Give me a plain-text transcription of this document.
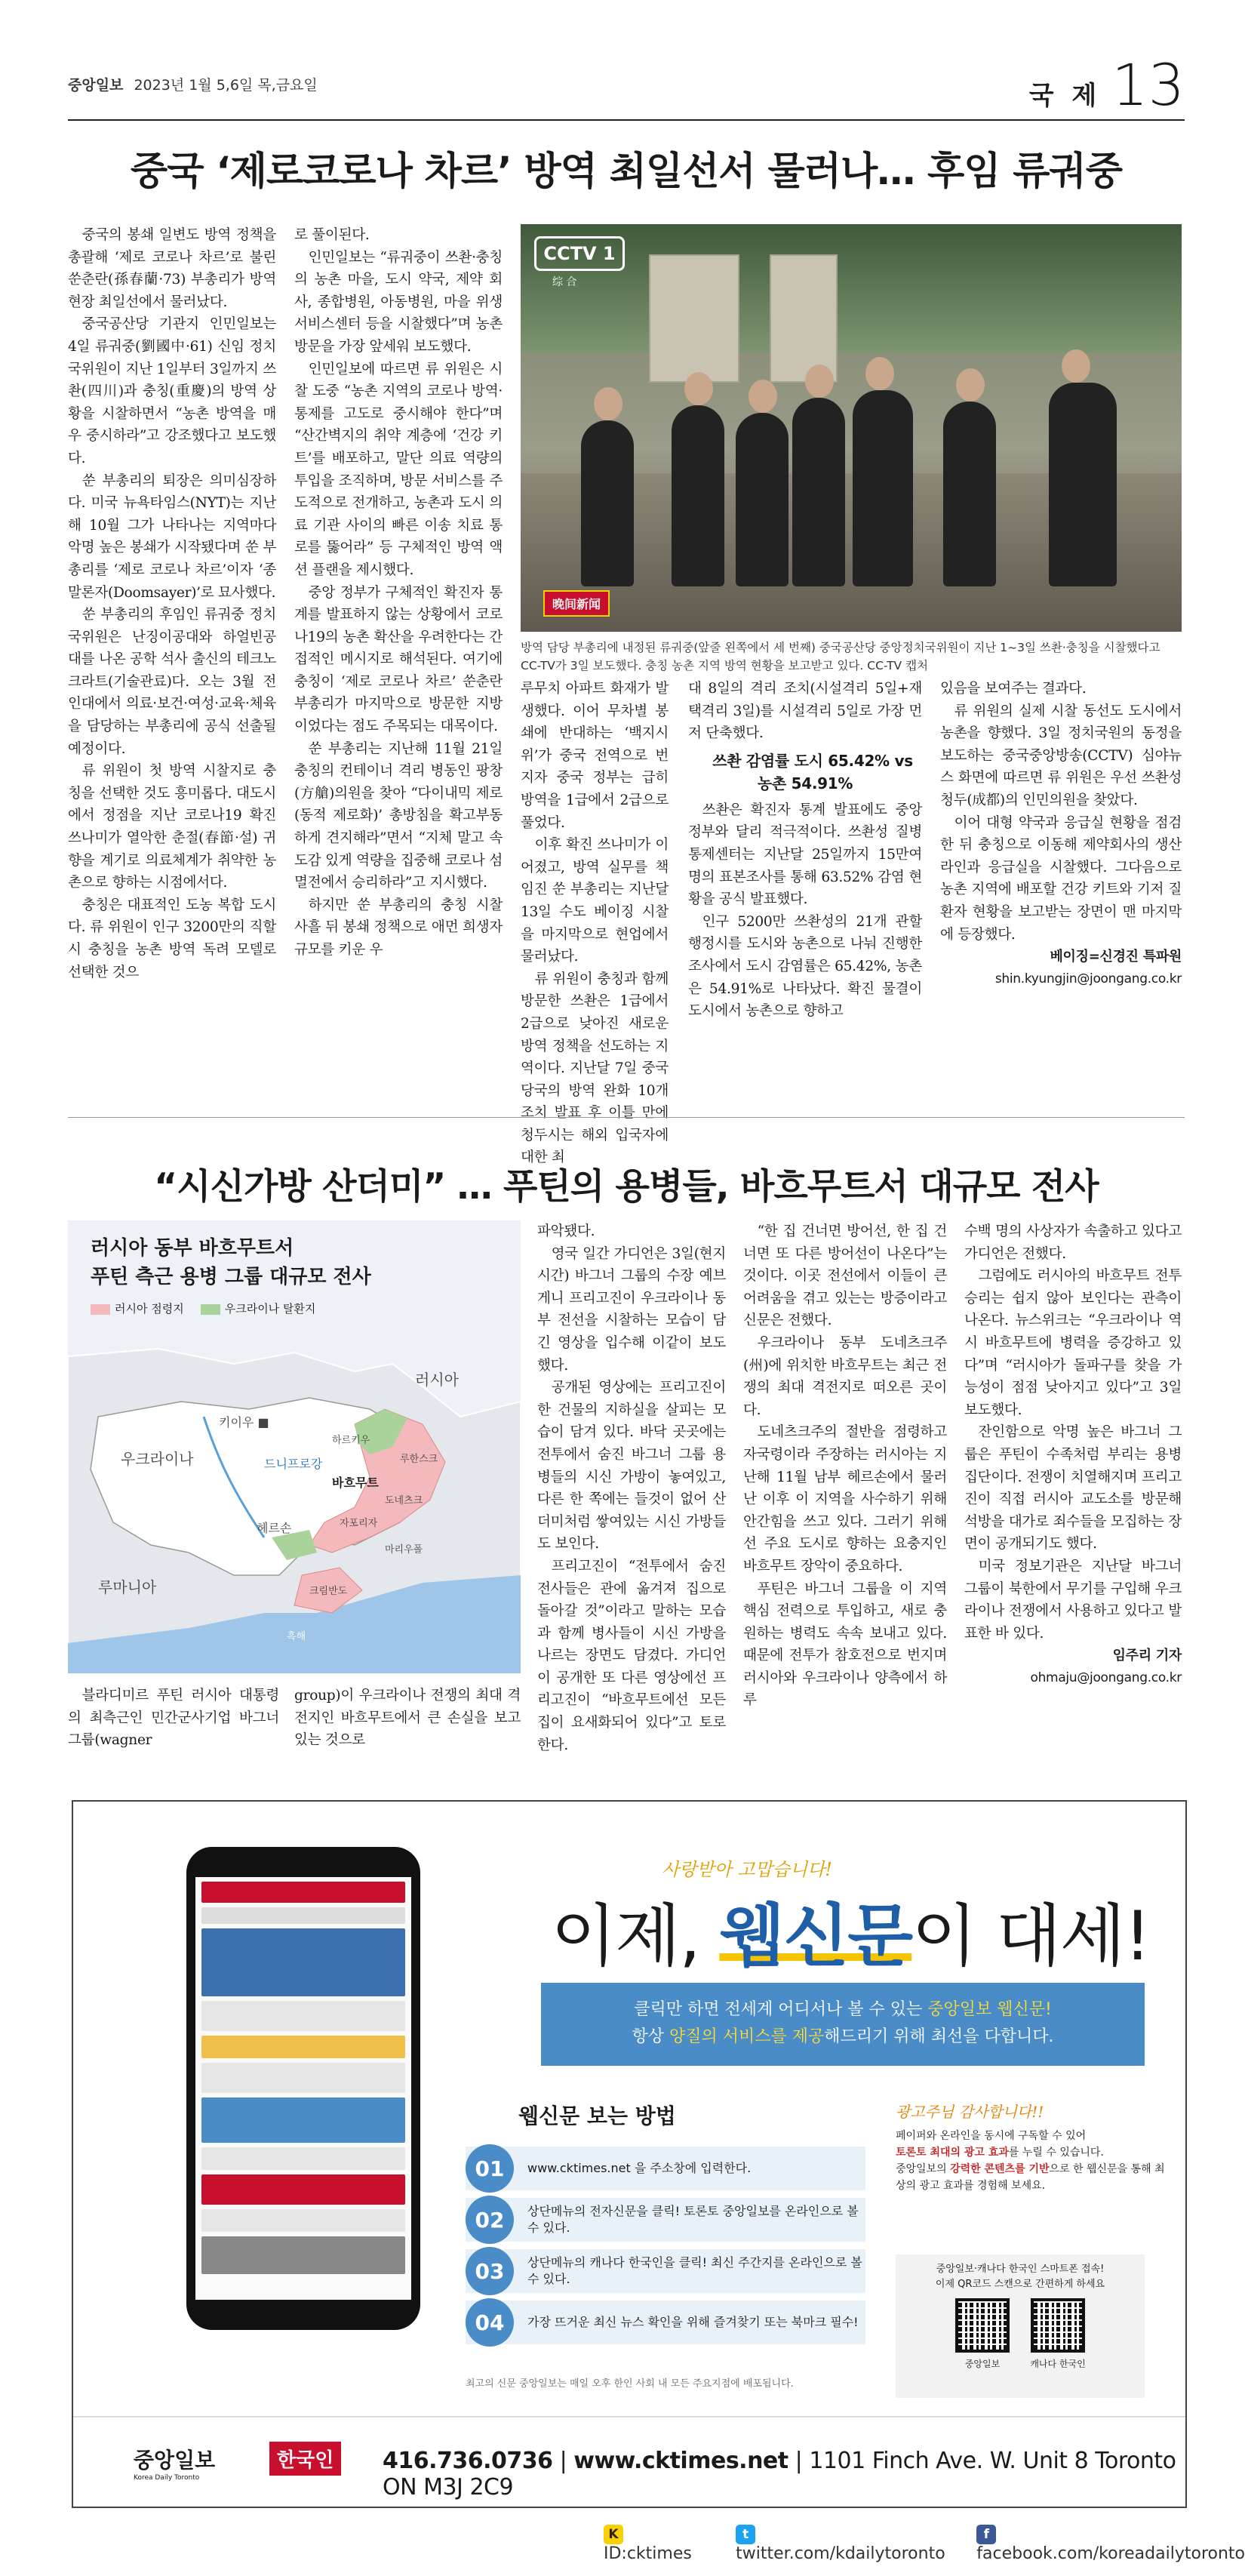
중앙일보 2023년 1월 5,6일 목,금요일	국 제 13
중국 ‘제로코로나 차르’ 방역 최일선서 물러나… 후임 류궈중

중국의 봉쇄 일변도 방역 정책을 총괄해 ‘제로 코로나 차르’로 불린 쑨춘란(孫春蘭·73) 부총리가 방역 현장 최일선에서 물러났다.

중국공산당 기관지 인민일보는 4일 류궈중(劉國中·61) 신임 정치국위원이 지난 1일부터 3일까지 쓰촨(四川)과 충칭(重慶)의 방역 상황을 시찰하면서 “농촌 방역을 매우 중시하라”고 강조했다고 보도했다.

쑨 부총리의 퇴장은 의미심장하다. 미국 뉴욕타임스(NYT)는 지난해 10월 그가 나타나는 지역마다 악명 높은 봉쇄가 시작됐다며 쑨 부총리를 ‘제로 코로나 차르’이자 ‘종말론자(Doomsayer)’로 묘사했다.

쑨 부총리의 후임인 류궈중 정치국위원은 난징이공대와 하얼빈공대를 나온 공학 석사 출신의 테크노크라트(기술관료)다. 오는 3월 전인대에서 의료·보건·여성·교육·체육을 담당하는 부총리에 공식 선출될 예정이다.

류 위원이 첫 방역 시찰지로 충칭을 선택한 것도 흥미롭다. 대도시에서 정점을 지난 코로나19 확진 쓰나미가 열악한 춘절(春節·설) 귀향을 계기로 의료체계가 취약한 농촌으로 향하는 시점에서다.

충칭은 대표적인 도농 복합 도시다. 류 위원이 인구 3200만의 직할시 충칭을 농촌 방역 독려 모델로 선택한 것으

로 풀이된다.

인민일보는 “류궈중이 쓰촨·충칭의 농촌 마을, 도시 약국, 제약 회사, 종합병원, 아동병원, 마을 위생서비스센터 등을 시찰했다”며 농촌 방문을 가장 앞세워 보도했다.

인민일보에 따르면 류 위원은 시찰 도중 “농촌 지역의 코로나 방역·통제를 고도로 중시해야 한다”며 “산간벽지의 취약 계층에 ‘건강 키트’를 배포하고, 말단 의료 역량의 투입을 조직하며, 방문 서비스를 주도적으로 전개하고, 농촌과 도시 의료 기관 사이의 빠른 이송 치료 통로를 뚫어라” 등 구체적인 방역 액션 플랜을 제시했다.

중앙 정부가 구체적인 확진자 통계를 발표하지 않는 상황에서 코로나19의 농촌 확산을 우려한다는 간접적인 메시지로 해석된다. 여기에 충칭이 ‘제로 코로나 차르’ 쑨춘란 부총리가 마지막으로 방문한 지방이었다는 점도 주목되는 대목이다.

쑨 부총리는 지난해 11월 21일 충칭의 컨테이너 격리 병동인 팡창(方艙)의원을 찾아 “다이내믹 제로(동적 제로화)’ 총방침을 확고부동하게 견지해라”면서 “지체 말고 속도감 있게 역량을 집중해 코로나 섬멸전에서 승리하라”고 지시했다.

하지만 쑨 부총리의 충칭 시찰 사흘 뒤 봉쇄 정책으로 애먼 희생자 규모를 키운 우

CCTV 1
综 合
晚间新闻
방역 담당 부총리에 내정된 류궈중(앞줄 왼쪽에서 세 번째) 중국공산당 중앙정치국위원이 지난 1~3일 쓰촨·충칭을 시찰했다고 CC-TV가 3일 보도했다. 충칭 농촌 지역 방역 현황을 보고받고 있다. CC-TV 캡처

루무치 아파트 화재가 발생했다. 이어 무차별 봉쇄에 반대하는 ‘백지시위’가 중국 전역으로 번지자 중국 정부는 급히 방역을 1급에서 2급으로 풀었다.

이후 확진 쓰나미가 이어졌고, 방역 실무를 책임진 쑨 부총리는 지난달 13일 수도 베이징 시찰을 마지막으로 현업에서 물러났다.

류 위원이 충칭과 함께 방문한 쓰촨은 1급에서 2급으로 낮아진 새로운 방역 정책을 선도하는 지역이다. 지난달 7일 중국 당국의 방역 완화 10개 조치 발표 후 이틀 만에 청두시는 해외 입국자에 대한 최

대 8일의 격리 조치(시설격리 5일+재택격리 3일)를 시설격리 5일로 가장 먼저 단축했다.

쓰촨 감염률 도시 65.42% vs 농촌 54.91%

쓰촨은 확진자 통계 발표에도 중앙 정부와 달리 적극적이다. 쓰촨성 질병통제센터는 지난달 25일까지 15만여명의 표본조사를 통해 63.52% 감염 현황을 공식 발표했다.

인구 5200만 쓰촨성의 21개 관할 행정시를 도시와 농촌으로 나눠 진행한 조사에서 도시 감염률은 65.42%, 농촌은 54.91%로 나타났다. 확진 물결이 도시에서 농촌으로 향하고

있음을 보여주는 결과다.

류 위원의 실제 시찰 동선도 도시에서 농촌을 향했다. 3일 정치국원의 동정을 보도하는 중국중앙방송(CCTV) 심야뉴스 화면에 따르면 류 위원은 우선 쓰촨성 청두(成都)의 인민의원을 찾았다.

이어 대형 약국과 응급실 현황을 점검한 뒤 충칭으로 이동해 제약회사의 생산 라인과 응급실을 시찰했다. 그다음으로 농촌 지역에 배포할 건강 키트와 기저 질환자 현황을 보고받는 장면이 맨 마지막에 등장했다.

베이징=신경진 특파원

shin.kyungjin@joongang.co.kr

“시신가방 산더미” … 푸틴의 용병들, 바흐무트서 대규모 전사
러시아 동부 바흐무트서
푸틴 측근 용병 그룹 대규모 전사
러시아 점령지	우크라이나 탈환지
러시아
우크라이나
키이우 ■
드니프로강
하르키우
루한스크
바흐무트
도네츠크
자포리자
헤르손
마리우폴
루마니아
흑해
크림반도

블라디미르 푸틴 러시아 대통령의 최측근인 민간군사기업 바그너 그룹(wagner

group)이 우크라이나 전쟁의 최대 격전지인 바흐무트에서 큰 손실을 보고 있는 것으로

파악됐다.

영국 일간 가디언은 3일(현지시간) 바그너 그룹의 수장 예브게니 프리고진이 우크라이나 동부 전선을 시찰하는 모습이 담긴 영상을 입수해 이같이 보도했다.

공개된 영상에는 프리고진이 한 건물의 지하실을 살피는 모습이 담겨 있다. 바닥 곳곳에는 전투에서 숨진 바그너 그룹 용병들의 시신 가방이 놓여있고, 다른 한 쪽에는 들것이 없어 산더미처럼 쌓여있는 시신 가방들도 보인다.

프리고진이 “전투에서 숨진 전사들은 관에 옮겨져 집으로 돌아갈 것”이라고 말하는 모습과 함께 병사들이 시신 가방을 나르는 장면도 담겼다. 가디언이 공개한 또 다른 영상에선 프리고진이 “바흐무트에선 모든 집이 요새화되어 있다”고 토로한다.

“한 집 건너면 방어선, 한 집 건너면 또 다른 방어선이 나온다”는 것이다. 이곳 전선에서 이들이 큰 어려움을 겪고 있는는 방증이라고 신문은 전했다.

우크라이나 동부 도네츠크주(州)에 위치한 바흐무트는 최근 전쟁의 최대 격전지로 떠오른 곳이다.

도네츠크주의 절반을 점령하고 자국령이라 주장하는 러시아는 지난해 11월 남부 헤르손에서 물러난 이후 이 지역을 사수하기 위해 안간힘을 쓰고 있다. 그러기 위해선 주요 도시로 향하는 요충지인 바흐무트 장악이 중요하다.

푸틴은 바그너 그룹을 이 지역 핵심 전력으로 투입하고, 새로 충원하는 병력도 속속 보내고 있다. 때문에 전투가 참호전으로 번지며 러시아와 우크라이나 양측에서 하루

수백 명의 사상자가 속출하고 있다고 가디언은 전했다.

그럼에도 러시아의 바흐무트 전투 승리는 쉽지 않아 보인다는 관측이 나온다. 뉴스위크는 “우크라이나 역시 바흐무트에 병력을 증강하고 있다”며 “러시아가 돌파구를 찾을 가능성이 점점 낮아지고 있다”고 3일 보도했다.

잔인함으로 악명 높은 바그너 그룹은 푸틴이 수족처럼 부리는 용병 집단이다. 전쟁이 치열해지며 프리고진이 직접 러시아 교도소를 방문해 석방을 대가로 죄수들을 모집하는 장면이 공개되기도 했다.

미국 정보기관은 지난달 바그너 그룹이 북한에서 무기를 구입해 우크라이나 전쟁에서 사용하고 있다고 발표한 바 있다.

임주리 기자

ohmaju@joongang.co.kr

사랑받아 고맙습니다!
이제, 웹신문이 대세!
클릭만 하면 전세계 어디서나 볼 수 있는 중앙일보 웹신문!
항상 양질의 서비스를 제공해드리기 위해 최선을 다합니다.
웹신문 보는 방법
01	www.cktimes.net 을 주소창에 입력한다.
02	상단메뉴의 전자신문을 클릭! 토론토 중앙일보를 온라인으로 볼수 있다.
03	상단메뉴의 캐나다 한국인을 클릭! 최신 주간지를 온라인으로 볼수 있다.
04	가장 뜨거운 최신 뉴스 확인을 위해 즐겨찾기 또는 북마크 필수!
광고주님 감사합니다!!

페이퍼와 온라인을 동시에 구독할 수 있어
토론토 최대의 광고 효과를 누릴 수 있습니다.
중앙일보의 강력한 콘텐츠를 기반으로 한 웹신문을 통해 최상의 광고 효과를 경험해 보세요.

중앙일보·캐나다 한국인 스마트폰 접속!
이제 QR코드 스캔으로 간편하게 하세요

중앙일보	캐나다 한국인
최고의 신문 중앙일보는 매일 오후 한인 사회 내 모든 주요지점에 배포됩니다.
중앙일보
Korea Daily Toronto
한국인	416.736.0736 | www.cktimes.net | 1101 Finch Ave. W. Unit 8 Toronto ON M3J 2C9
KID:cktimes
ttwitter.com/kdailytoronto
ffacebook.com/koreadailytoronto
